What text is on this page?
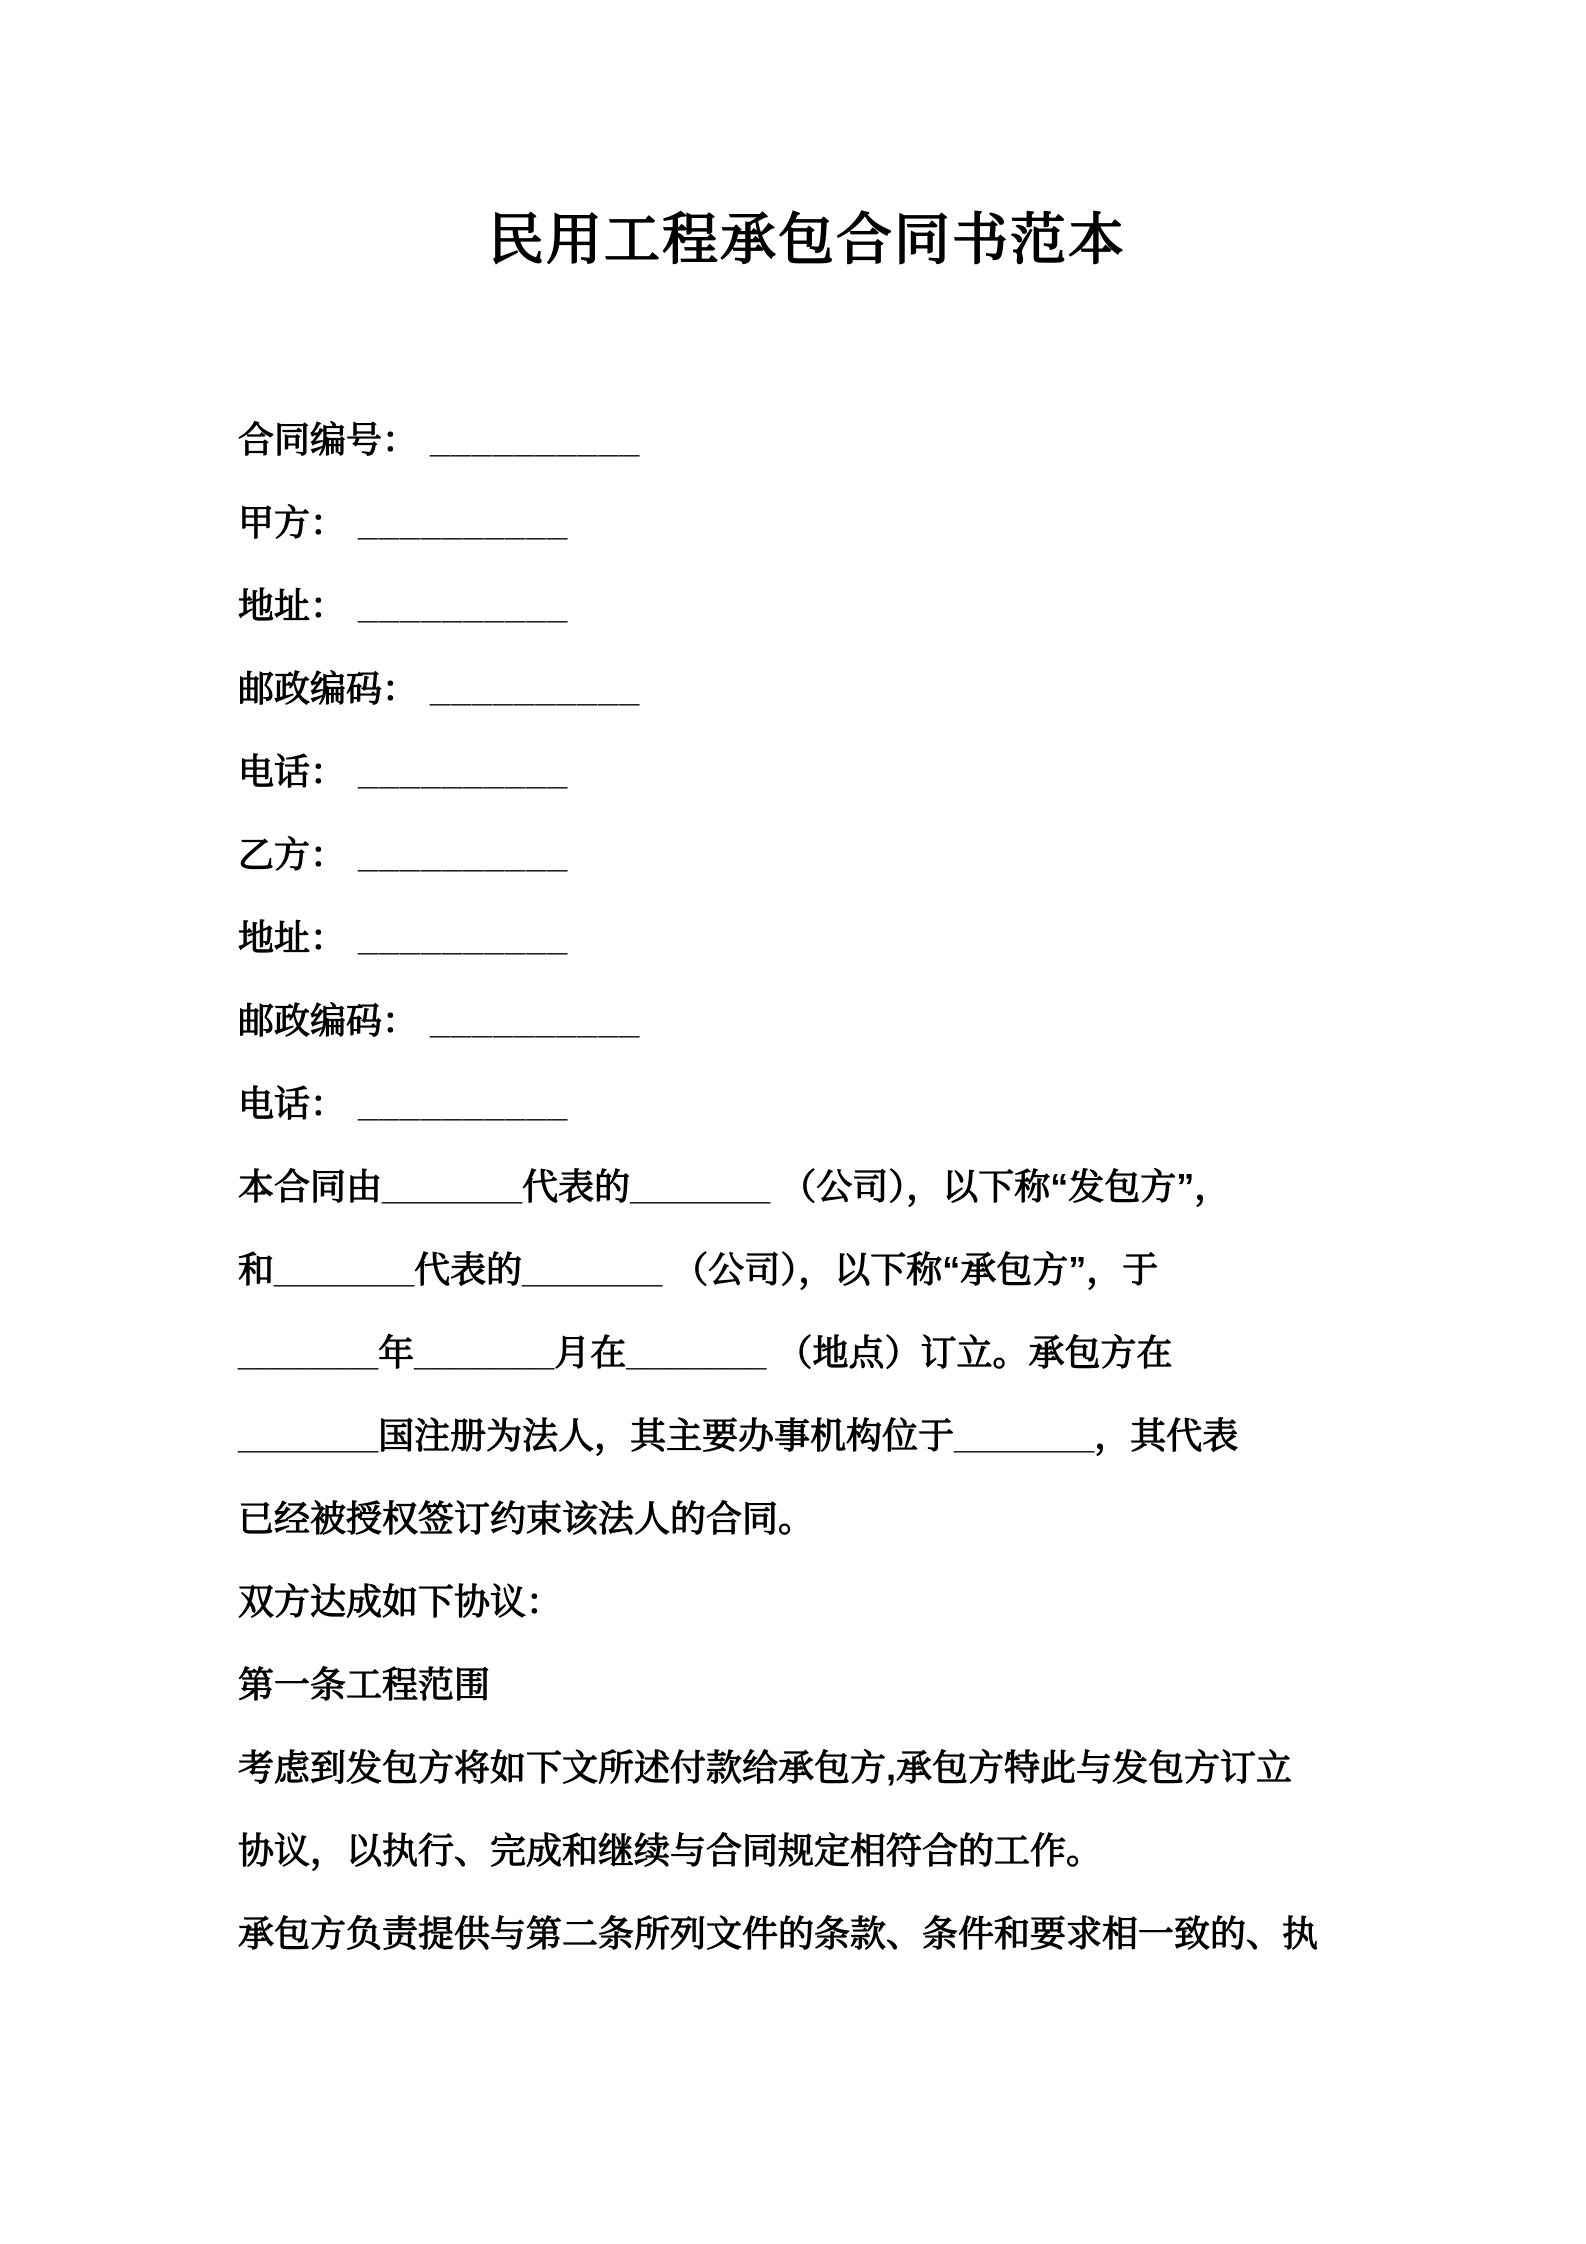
民用工程承包合同书范本
合同编号： __________
甲方： __________
地址： __________
邮政编码： __________
电话： __________
乙方： __________
地址： __________
邮政编码： __________
电话： __________
本合同由_______代表的_______ （公司），以下称“发包方”，
和_______代表的_______ （公司），以下称“承包方”，于
_______年_______月在_______ （地点）订立。承包方在
_______国注册为法人，其主要办事机构位于_______，其代表
已经被授权签订约束该法人的合同。
双方达成如下协议：
第一条工程范围
考虑到发包方将如下文所述付款给承包方,承包方特此与发包方订立
协议，以执行、完成和继续与合同规定相符合的工作。
承包方负责提供与第二条所列文件的条款、条件和要求相一致的、执
